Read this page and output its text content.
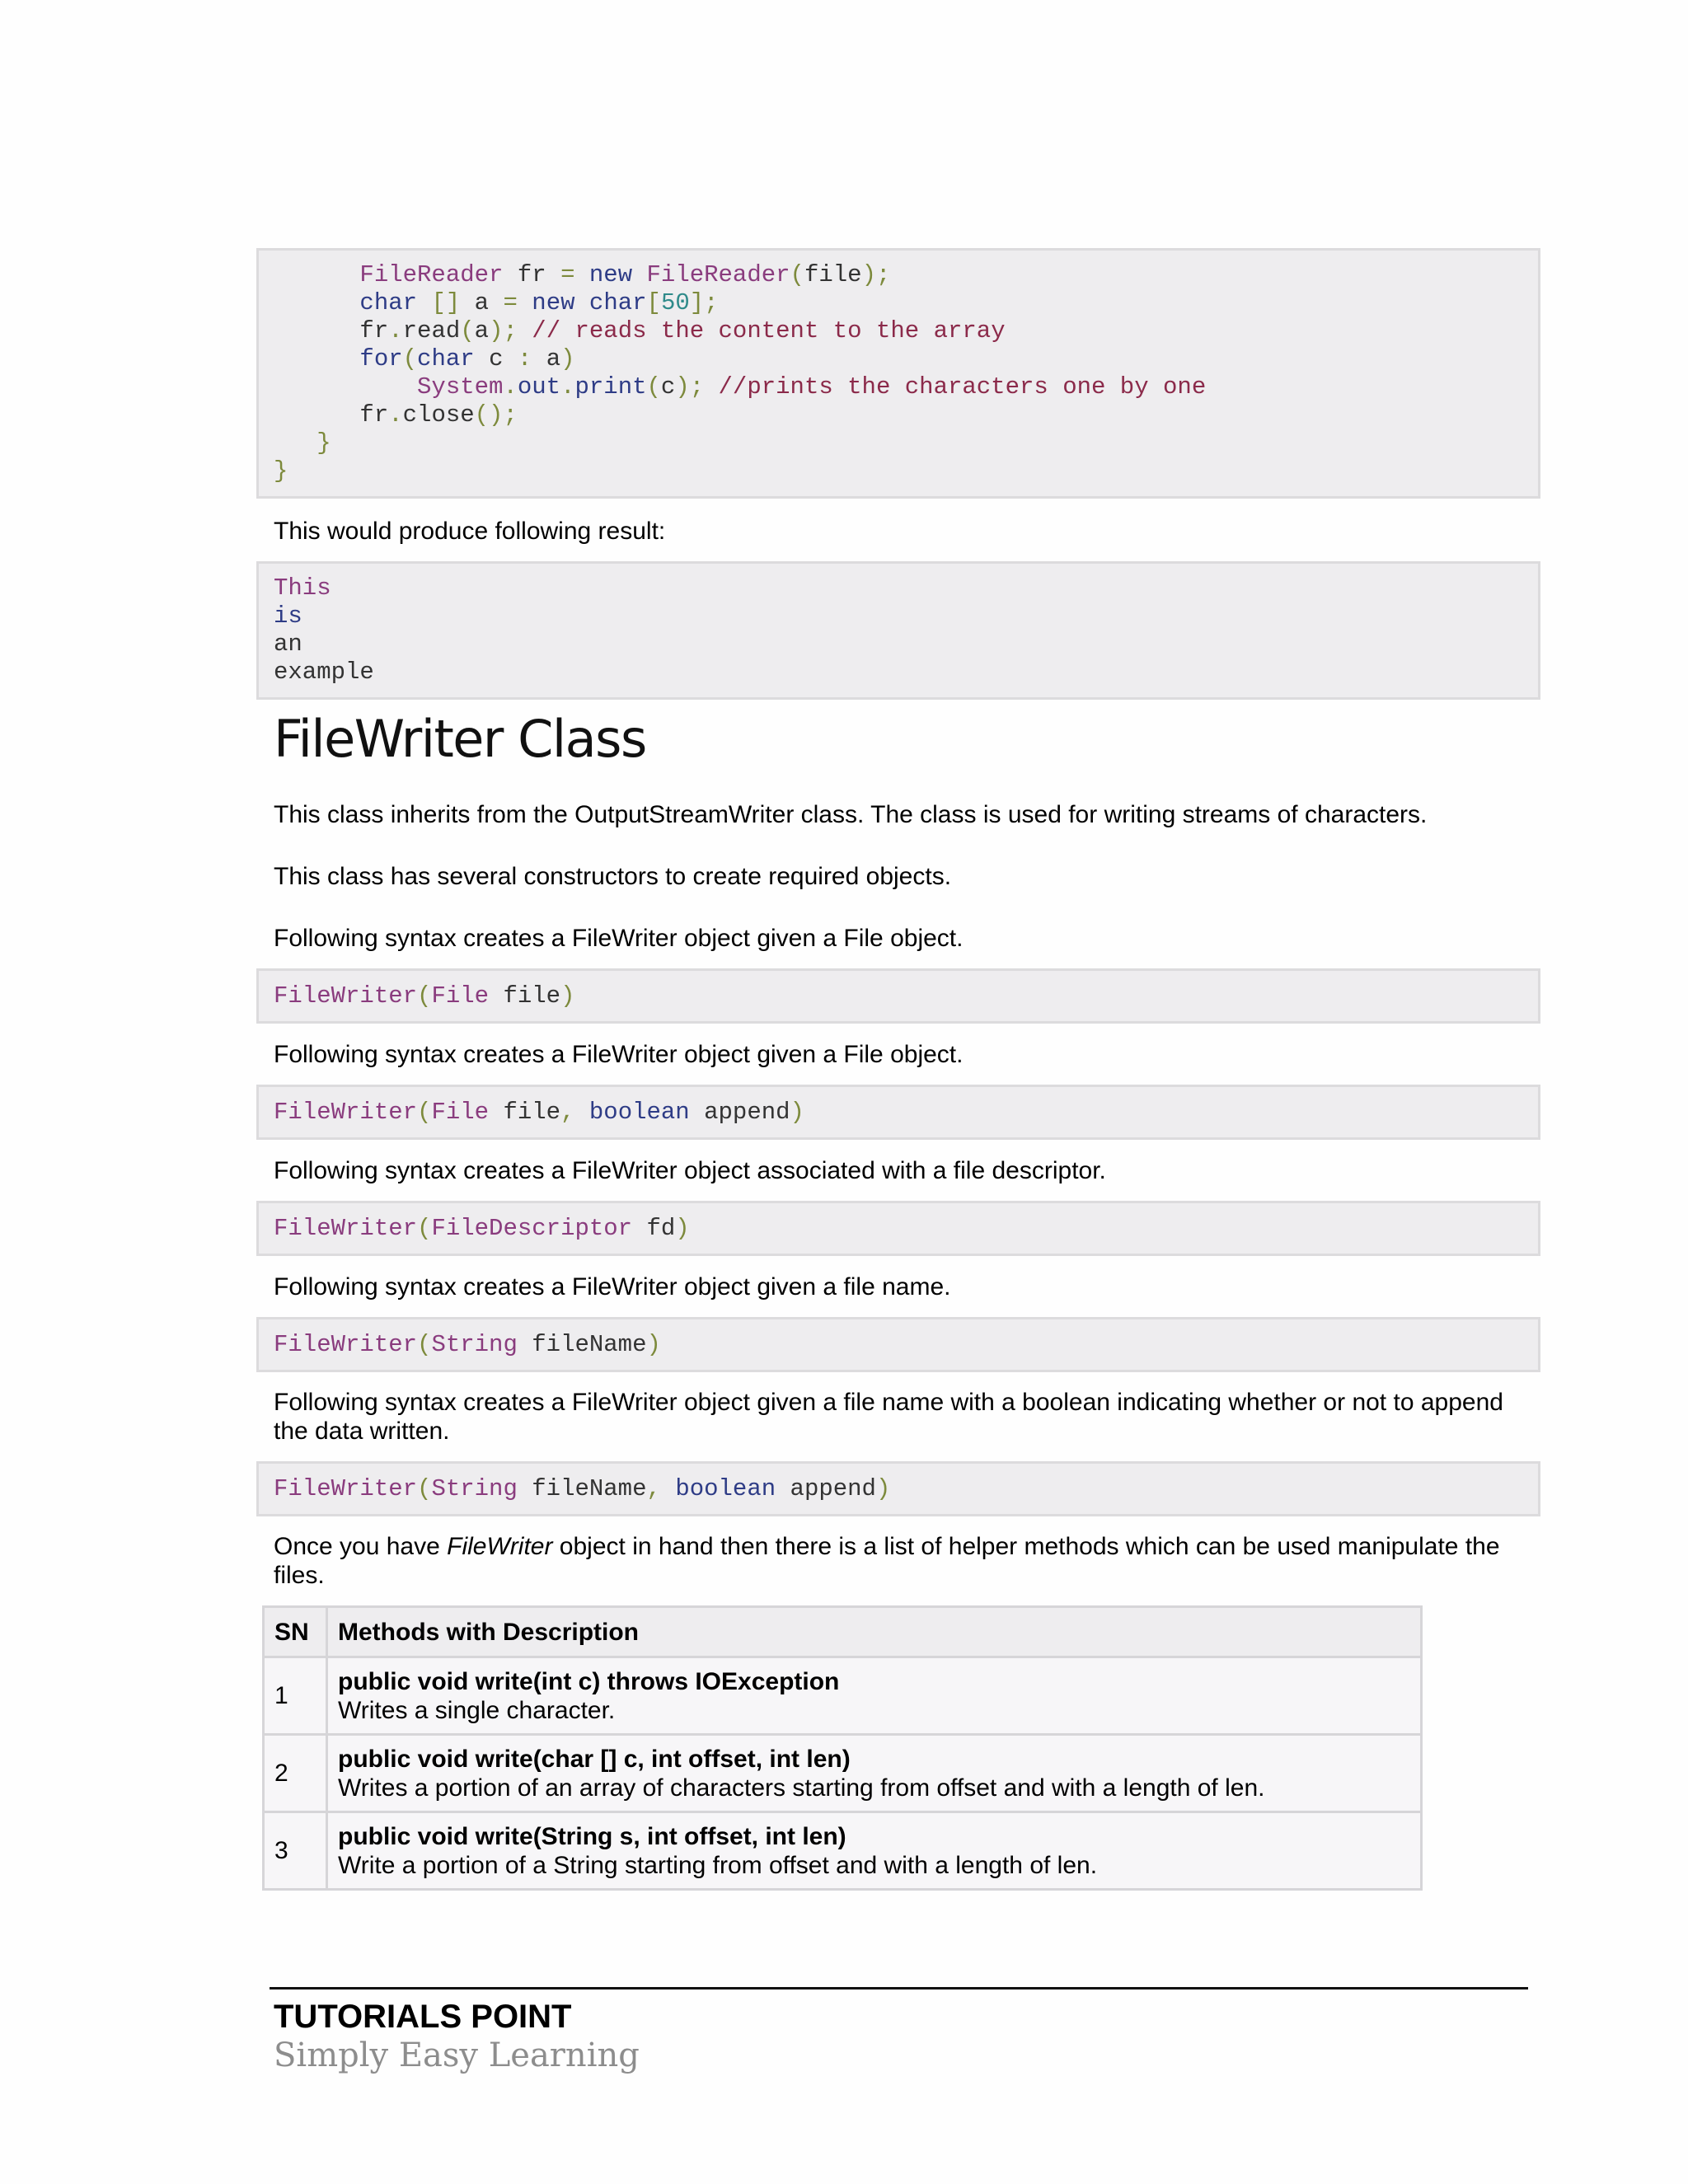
FileReader fr = new FileReader(file);
char [] a = new char[50];
fr.read(a); // reads the content to the array
for(char c : a)
System.out.print(c); //prints the characters one by one
fr.close();
}
}

This would produce following result:

This
is
an
example
FileWriter Class

This class inherits from the OutputStreamWriter class. The class is used for writing streams of characters.

This class has several constructors to create required objects.

Following syntax creates a FileWriter object given a File object.

FileWriter(File file)

Following syntax creates a FileWriter object given a File object.

FileWriter(File file, boolean append)

Following syntax creates a FileWriter object associated with a file descriptor.

FileWriter(FileDescriptor fd)

Following syntax creates a FileWriter object given a file name.

FileWriter(String fileName)

Following syntax creates a FileWriter object given a file name with a boolean indicating whether or not to append the data written.

FileWriter(String fileName, boolean append)

Once you have FileWriter object in hand then there is a list of helper methods which can be used manipulate the files.

SN	Methods with Description
1	public void write(int c) throws IOException
Writes a single character.
2	public void write(char [] c, int offset, int len)
Writes a portion of an array of characters starting from offset and with a length of len.
3	public void write(String s, int offset, int len)
Write a portion of a String starting from offset and with a length of len.

TUTORIALS POINT

Simply Easy Learning
